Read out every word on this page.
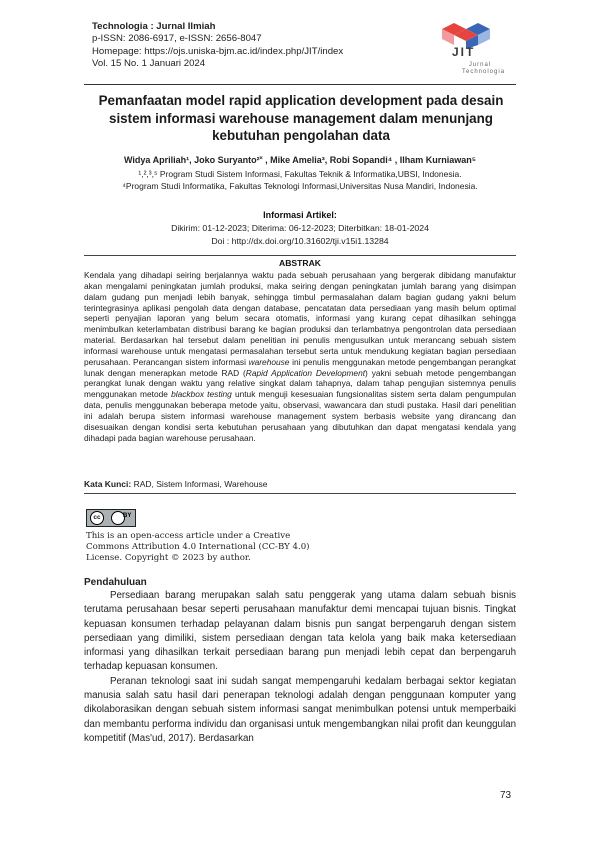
Technologia : Jurnal Ilmiah
p-ISSN: 2086-6917, e-ISSN: 2656-8047
Homepage: https://ojs.uniska-bjm.ac.id/index.php/JIT/index
Vol. 15 No. 1 Januari 2024
JIT
Jurnal
Technologia
Pemanfaatan model rapid application development pada desain sistem informasi warehouse management dalam menunjang kebutuhan pengolahan data
Widya Apriliah¹, Joko Suryanto²˟ , Mike Amelia³, Robi Sopandi⁴ , Ilham Kurniawan⁵
¹,²,³,⁵ Program Studi Sistem Informasi, Fakultas Teknik & Informatika,UBSI, Indonesia.
⁴Program Studi Informatika, Fakultas Teknologi Informasi,Universitas Nusa Mandiri, Indonesia.
Informasi Artikel:
Dikirim: 01-12-2023; Diterima: 06-12-2023; Diterbitkan: 18-01-2024
Doi : http://dx.doi.org/10.31602/tji.v15i1.13284
ABSTRAK

Kendala yang dihadapi seiring berjalannya waktu pada sebuah perusahaan yang bergerak dibidang manufaktur akan mengalami peningkatan jumlah produksi, maka seiring dengan peningkatan jumlah barang yang disimpan dalam gudang pun menjadi lebih banyak, sehingga timbul permasalahan dalam bagian gudang yakni belum terintegrasinya aplikasi pengolah data dengan database, pencatatan data persediaan yang masih belum optimal seperti penyajian laporan yang belum secara otomatis, informasi yang kurang cepat dihasilkan sehingga menimbulkan keterlambatan distribusi barang ke bagian produksi dan terlambatnya pengontrolan data persediaan material. Berdasarkan hal tersebut dalam penelitian ini penulis mengusulkan untuk merancang sebuah sistem informasi warehouse untuk mengatasi permasalahan tersebut serta untuk mendukung kegiatan bagian persediaan perusahaan. Perancangan sistem informasi warehouse ini penulis menggunakan metode pengembangan perangkat lunak dengan menerapkan metode RAD (Rapid Application Development) yakni sebuah metode pengembangan perangkat lunak dengan waktu yang relative singkat dalam tahapnya, dalam tahap pengujian sistemnya penulis menggunakan metode blackbox testing untuk menguji kesesuaian fungsionalitas sistem serta dalam pengumpulan data, penulis menggunakan beberapa metode yaitu, observasi, wawancara dan studi pustaka. Hasil dari penelitian ini adalah berupa sistem informasi warehouse management system berbasis website yang dirancang dan disesuaikan dengan kondisi serta kebutuhan perusahaan yang dibutuhkan dan dapat mengatasi kendala yang dihadapi pada bagian warehouse perusahaan.

Kata Kunci: RAD, Sistem Informasi, Warehouse
cc	BY
This is an open-access article under a Creative
Commons Attribution 4.0 International (CC-BY 4.0)
License. Copyright © 2023 by author.
Pendahuluan

Persediaan barang merupakan salah satu penggerak yang utama dalam sebuah bisnis terutama perusahaan besar seperti perusahaan manufaktur demi mencapai tujuan bisnis. Tingkat kepuasan konsumen terhadap pelayanan dalam bisnis pun sangat berpengaruh dengan sistem persediaan yang dimiliki, sistem persediaan dengan tata kelola yang baik maka ketersediaan informasi yang dihasilkan terkait persediaan barang pun menjadi lebih cepat dan berpengaruh terhadap kepuasan konsumen.

Peranan teknologi saat ini sudah sangat mempengaruhi kedalam berbagai sektor kegiatan manusia salah satu hasil dari penerapan teknologi adalah dengan penggunaan komputer yang dikolaborasikan dengan sebuah sistem informasi sangat menimbulkan potensi untuk memperbaiki dan membantu performa individu dan organisasi untuk mengembangkan nilai profit dan keunggulan kompetitif (Mas'ud, 2017). Berdasarkan

73
